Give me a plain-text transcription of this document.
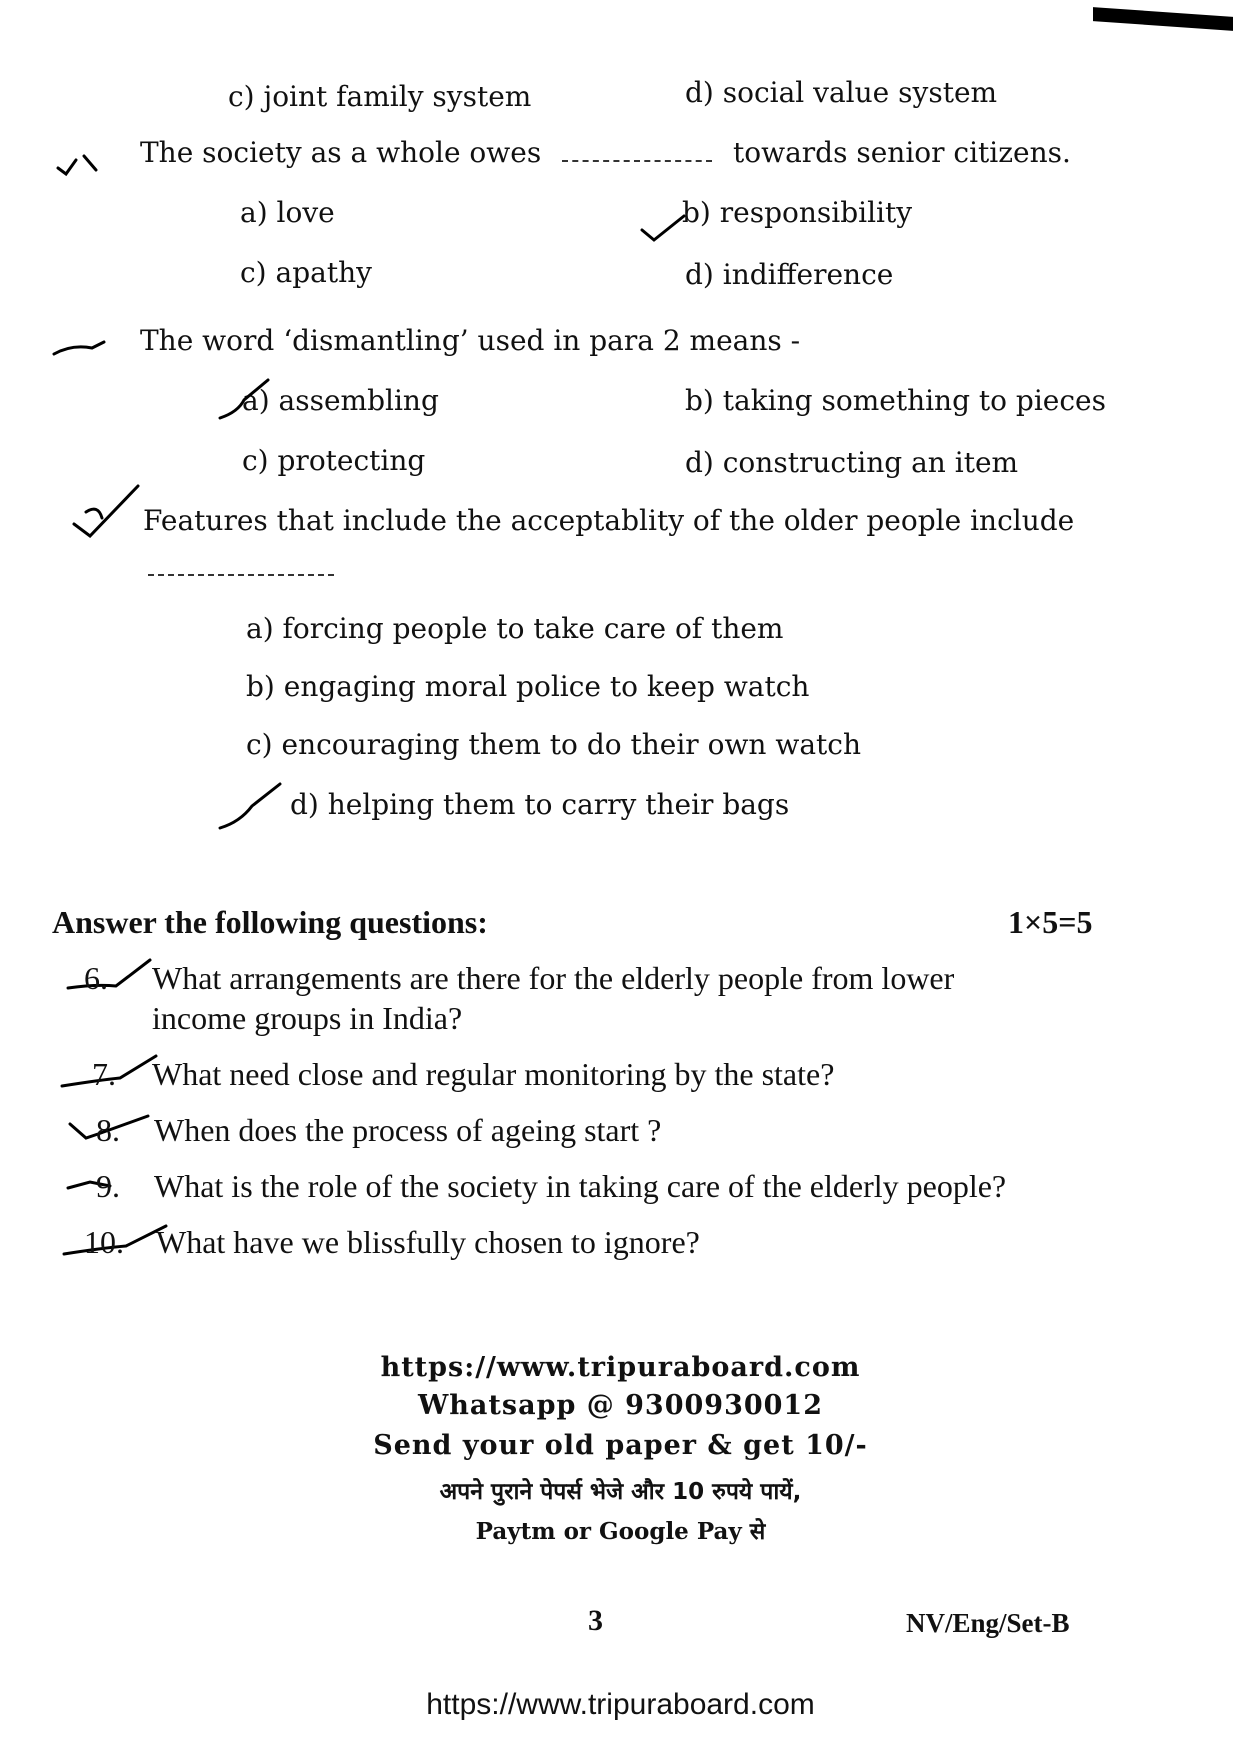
c) joint family system	d) social value system
The society as a whole owes	towards senior citizens.
a) love	b) responsibility
c) apathy	d) indifference
The word ‘dismantling’ used in para 2 means -
a) assembling	b) taking something to pieces
c) protecting	d) constructing an item
Features that include the acceptablity of the older people include
a) forcing people to take care of them
b) engaging moral police to keep watch
c) encouraging them to do their own watch
d) helping them to carry their bags
Answer the following questions:	1×5=5
6. What arrangements are there for the elderly people from lower
income groups in India?
7. What need close and regular monitoring by the state?
8. When does the process of ageing start ?
9. What is the role of the society in taking care of the elderly people?
10. What have we blissfully chosen to ignore?
https://www.tripuraboard.com
Whatsapp @ 9300930012
Send your old paper & get 10/-
अपने पुराने पेपर्स भेजे और 10 रुपये पायें,
Paytm or Google Pay से
3	NV/Eng/Set-B
https://www.tripuraboard.com
